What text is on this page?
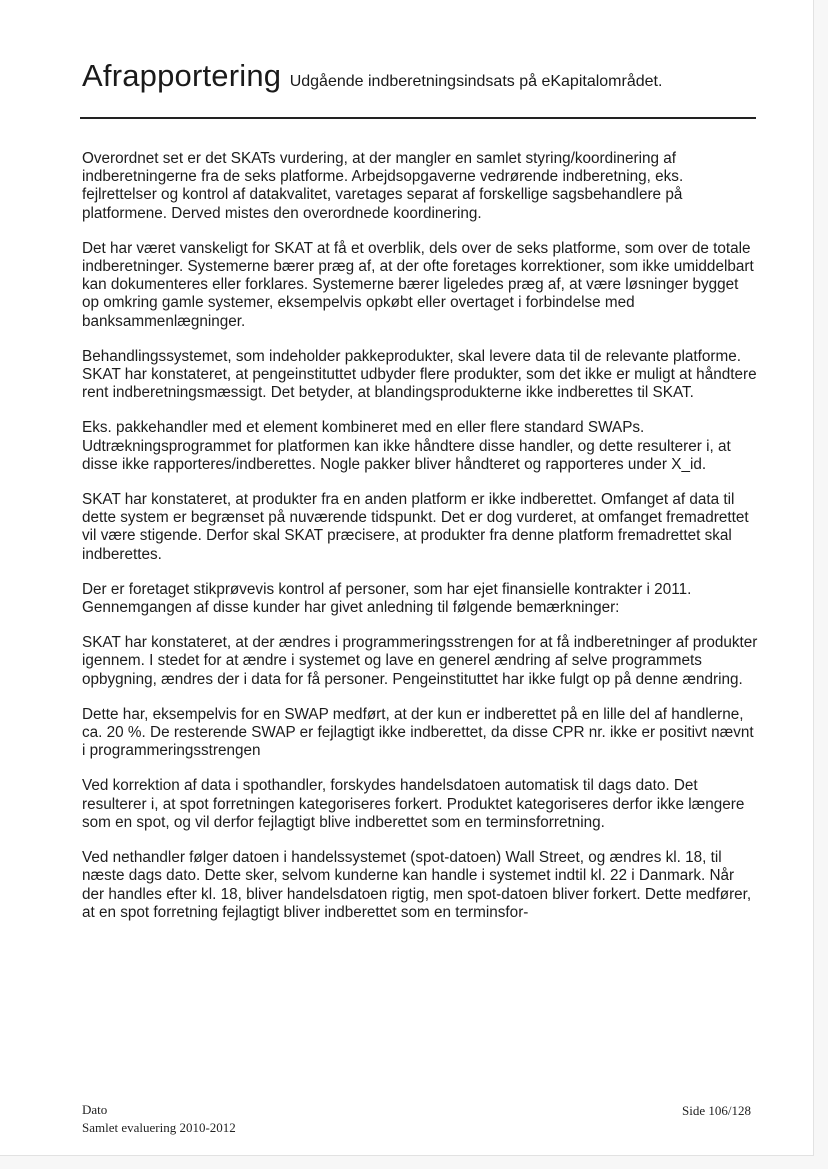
Afrapportering Udgående indberetningsindsats på eKapitalområdet.

Overordnet set er det SKATs vurdering, at der mangler en samlet styring/koordinering af indberetningerne fra de seks platforme. Arbejdsopgaverne vedrørende indberetning, eks. fejlrettelser og kontrol af datakvalitet, varetages separat af forskellige sagsbehandlere på platformene. Derved mistes den overordnede koordinering.

Det har været vanskeligt for SKAT at få et overblik, dels over de seks platforme, som over de totale indberetninger. Systemerne bærer præg af, at der ofte foretages korrektioner, som ikke umiddelbart kan dokumenteres eller forklares. Systemerne bærer ligeledes præg af, at være løsninger bygget op omkring gamle systemer, eksempelvis opkøbt eller overtaget i forbindelse med banksammenlægninger.

Behandlingssystemet, som indeholder pakkeprodukter, skal levere data til de relevante platforme. SKAT har konstateret, at pengeinstituttet udbyder flere produkter, som det ikke er muligt at håndtere rent indberetningsmæssigt. Det betyder, at blandingsprodukterne ikke indberettes til SKAT.

Eks. pakkehandler med et element kombineret med en eller flere standard SWAPs. Udtrækningsprogrammet for platformen kan ikke håndtere disse handler, og dette resulterer i, at disse ikke rapporteres/indberettes. Nogle pakker bliver håndteret og rapporteres under X_id.

SKAT har konstateret, at produkter fra en anden platform er ikke indberettet. Omfanget af data til dette system er begrænset på nuværende tidspunkt. Det er dog vurderet, at omfanget fremadrettet vil være stigende. Derfor skal SKAT præcisere, at produkter fra denne platform fremadrettet skal indberettes.

Der er foretaget stikprøvevis kontrol af personer, som har ejet finansielle kontrakter i 2011. Gennemgangen af disse kunder har givet anledning til følgende bemærkninger:

SKAT har konstateret, at der ændres i programmeringsstrengen for at få indberetninger af produkter igennem. I stedet for at ændre i systemet og lave en generel ændring af selve programmets opbygning, ændres der i data for få personer. Pengeinstituttet har ikke fulgt op på denne ændring.

Dette har, eksempelvis for en SWAP medført, at der kun er indberettet på en lille del af handlerne, ca. 20 %. De resterende SWAP er fejlagtigt ikke indberettet, da disse CPR nr. ikke er positivt nævnt i programmeringsstrengen

Ved korrektion af data i spothandler, forskydes handelsdatoen automatisk til dags dato. Det resulterer i, at spot forretningen kategoriseres forkert. Produktet kategoriseres derfor ikke længere som en spot, og vil derfor fejlagtigt blive indberettet som en terminsforretning.

Ved nethandler følger datoen i handelssystemet (spot-datoen) Wall Street, og ændres kl. 18, til næste dags dato. Dette sker, selvom kunderne kan handle i systemet indtil kl. 22 i Danmark. Når der handles efter kl. 18, bliver handelsdatoen rigtig, men spot-datoen bliver forkert. Dette medfører, at en spot forretning fejlagtigt bliver indberettet som en terminsfor-

Dato
Samlet evaluering 2010-2012
Side 106/128
